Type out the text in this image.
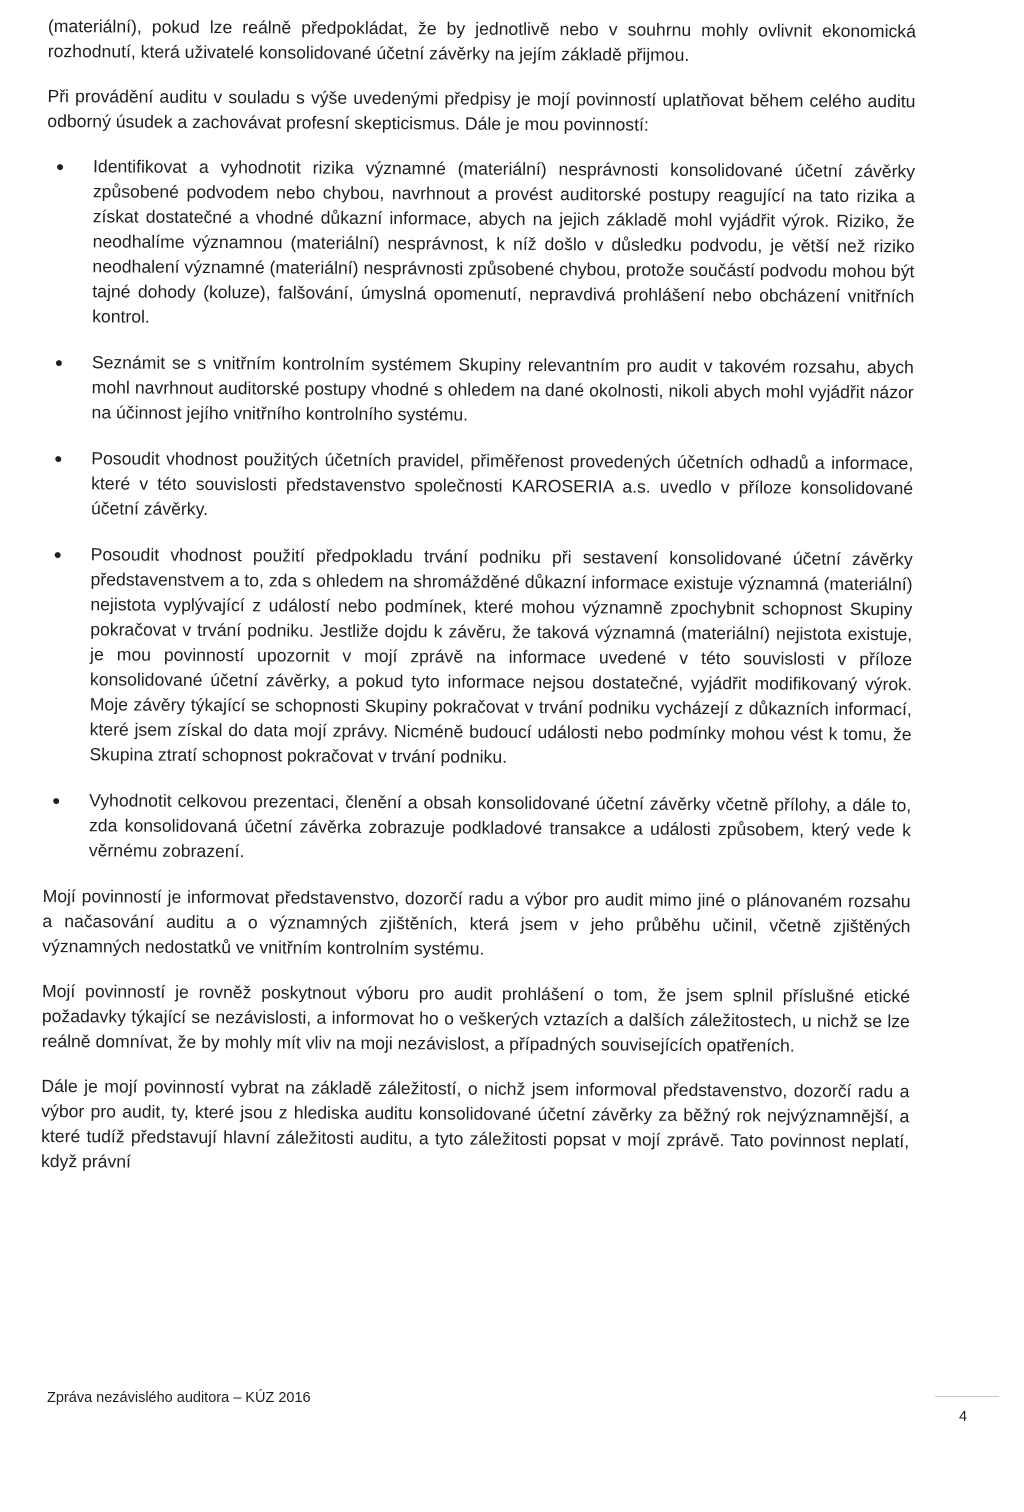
(materiální), pokud lze reálně předpokládat, že by jednotlivě nebo v souhrnu mohly ovlivnit ekonomická rozhodnutí, která uživatelé konsolidované účetní závěrky na jejím základě přijmou.

Při provádění auditu v souladu s výše uvedenými předpisy je mojí povinností uplatňovat během celého auditu odborný úsudek a zachovávat profesní skepticismus. Dále je mou povinností:

Identifikovat a vyhodnotit rizika významné (materiální) nesprávnosti konsolidované účetní závěrky způsobené podvodem nebo chybou, navrhnout a provést auditorské postupy reagující na tato rizika a získat dostatečné a vhodné důkazní informace, abych na jejich základě mohl vyjádřit výrok. Riziko, že neodhalíme významnou (materiální) nesprávnost, k níž došlo v důsledku podvodu, je větší než riziko neodhalení významné (materiální) nesprávnosti způsobené chybou, protože součástí podvodu mohou být tajné dohody (koluze), falšování, úmyslná opomenutí, nepravdivá prohlášení nebo obcházení vnitřních kontrol.
Seznámit se s vnitřním kontrolním systémem Skupiny relevantním pro audit v takovém rozsahu, abych mohl navrhnout auditorské postupy vhodné s ohledem na dané okolnosti, nikoli abych mohl vyjádřit názor na účinnost jejího vnitřního kontrolního systému.
Posoudit vhodnost použitých účetních pravidel, přiměřenost provedených účetních odhadů a informace, které v této souvislosti představenstvo společnosti KAROSERIA a.s. uvedlo v příloze konsolidované účetní závěrky.
Posoudit vhodnost použití předpokladu trvání podniku při sestavení konsolidované účetní závěrky představenstvem a to, zda s ohledem na shromážděné důkazní informace existuje významná (materiální) nejistota vyplývající z událostí nebo podmínek, které mohou významně zpochybnit schopnost Skupiny pokračovat v trvání podniku. Jestliže dojdu k závěru, že taková významná (materiální) nejistota existuje, je mou povinností upozornit v mojí zprávě na informace uvedené v této souvislosti v příloze konsolidované účetní závěrky, a pokud tyto informace nejsou dostatečné, vyjádřit modifikovaný výrok. Moje závěry týkající se schopnosti Skupiny pokračovat v trvání podniku vycházejí z důkazních informací, které jsem získal do data mojí zprávy. Nicméně budoucí události nebo podmínky mohou vést k tomu, že Skupina ztratí schopnost pokračovat v trvání podniku.
Vyhodnotit celkovou prezentaci, členění a obsah konsolidované účetní závěrky včetně přílohy, a dále to, zda konsolidovaná účetní závěrka zobrazuje podkladové transakce a události způsobem, který vede k věrnému zobrazení.

Mojí povinností je informovat představenstvo, dozorčí radu a výbor pro audit mimo jiné o plánovaném rozsahu a načasování auditu a o významných zjištěních, která jsem v jeho průběhu učinil, včetně zjištěných významných nedostatků ve vnitřním kontrolním systému.

Mojí povinností je rovněž poskytnout výboru pro audit prohlášení o tom, že jsem splnil příslušné etické požadavky týkající se nezávislosti, a informovat ho o veškerých vztazích a dalších záležitostech, u nichž se lze reálně domnívat, že by mohly mít vliv na moji nezávislost, a případných souvisejících opatřeních.

Dále je mojí povinností vybrat na základě záležitostí, o nichž jsem informoval představenstvo, dozorčí radu a výbor pro audit, ty, které jsou z hlediska auditu konsolidované účetní závěrky za běžný rok nejvýznamnější, a které tudíž představují hlavní záležitosti auditu, a tyto záležitosti popsat v mojí zprávě. Tato povinnost neplatí, když právní

Zpráva nezávislého auditora – KÚZ 2016
4
